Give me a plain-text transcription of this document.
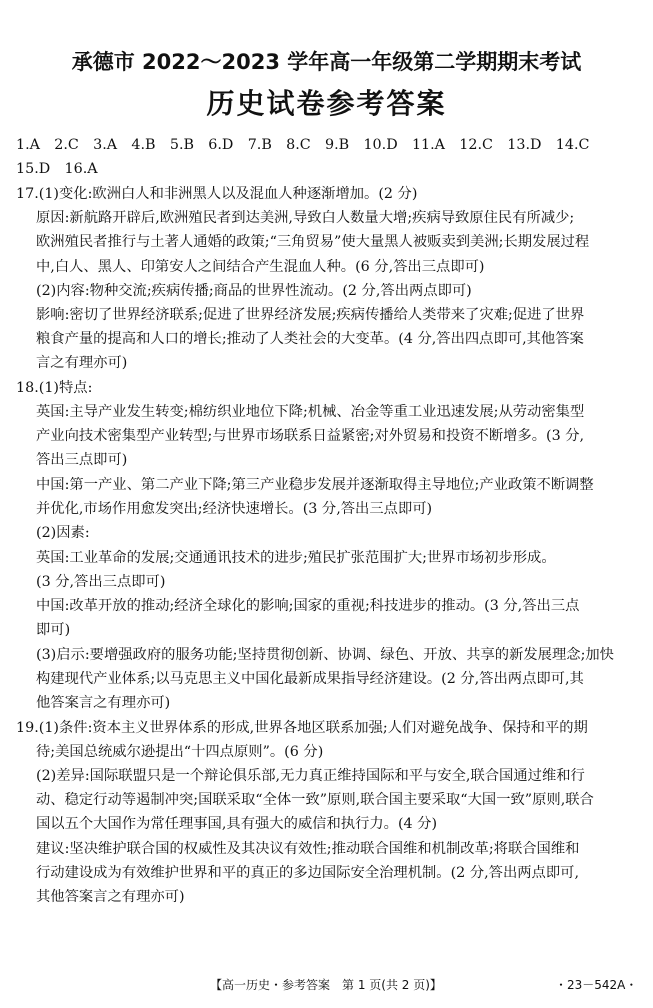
承德市 2022～2023 学年高一年级第二学期期末考试
历史试卷参考答案
1.A　2.C　3.A　4.B　5.B　6.D　7.B　8.C　9.B　10.D　11.A　12.C　13.D　14.C
15.D　16.A
17.(1)变化:欧洲白人和非洲黑人以及混血人种逐渐增加。(2 分)
原因:新航路开辟后,欧洲殖民者到达美洲,导致白人数量大增;疾病导致原住民有所减少;
欧洲殖民者推行与土著人通婚的政策;“三角贸易”使大量黑人被贩卖到美洲;长期发展过程
中,白人、黑人、印第安人之间结合产生混血人种。(6 分,答出三点即可)
(2)内容:物种交流;疾病传播;商品的世界性流动。(2 分,答出两点即可)
影响:密切了世界经济联系;促进了世界经济发展;疾病传播给人类带来了灾难;促进了世界
粮食产量的提高和人口的增长;推动了人类社会的大变革。(4 分,答出四点即可,其他答案
言之有理亦可)
18.(1)特点:
英国:主导产业发生转变;棉纺织业地位下降;机械、冶金等重工业迅速发展;从劳动密集型
产业向技术密集型产业转型;与世界市场联系日益紧密;对外贸易和投资不断增多。(3 分,
答出三点即可)
中国:第一产业、第二产业下降;第三产业稳步发展并逐渐取得主导地位;产业政策不断调整
并优化,市场作用愈发突出;经济快速增长。(3 分,答出三点即可)
(2)因素:
英国:工业革命的发展;交通通讯技术的进步;殖民扩张范围扩大;世界市场初步形成。
(3 分,答出三点即可)
中国:改革开放的推动;经济全球化的影响;国家的重视;科技进步的推动。(3 分,答出三点
即可)
(3)启示:要增强政府的服务功能;坚持贯彻创新、协调、绿色、开放、共享的新发展理念;加快
构建现代产业体系;以马克思主义中国化最新成果指导经济建设。(2 分,答出两点即可,其
他答案言之有理亦可)
19.(1)条件:资本主义世界体系的形成,世界各地区联系加强;人们对避免战争、保持和平的期
待;美国总统威尔逊提出“十四点原则”。(6 分)
(2)差异:国际联盟只是一个辩论俱乐部,无力真正维持国际和平与安全,联合国通过维和行
动、稳定行动等遏制冲突;国联采取“全体一致”原则,联合国主要采取“大国一致”原则,联合
国以五个大国作为常任理事国,具有强大的威信和执行力。(4 分)
建议:坚决维护联合国的权威性及其决议有效性;推动联合国维和机制改革;将联合国维和
行动建设成为有效维护世界和平的真正的多边国际安全治理机制。(2 分,答出两点即可,
其他答案言之有理亦可)
【高一历史・参考答案　第 1 页(共 2 页)】	・23－542A・
